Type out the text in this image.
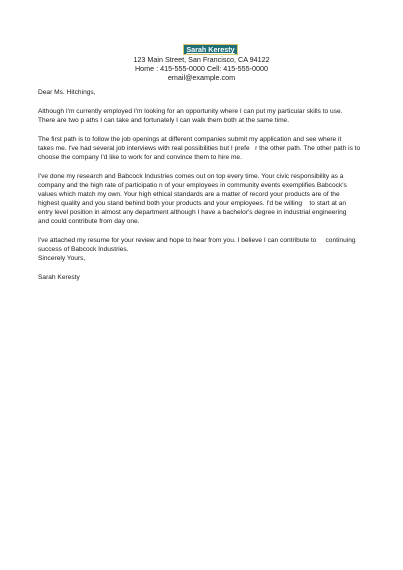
Sarah Keresty
123 Main Street, San Francisco, CA 94122
Home : 415-555-0000 Cell: 415-555-0000
email@example.com

Dear Ms. Hitchings,

Although I'm currently employed I'm looking for an opportunity where I can put my particular skills to use.

There are two p aths I can take and fortunately I can walk them both at the same time.

The first path is to follow the job openings at different companies submit my application and see where it

takes me. I've had several job interviews with real possibilities but I prefe   r the other path. The other path is to

choose the company I'd like to work for and convince them to hire me.

I've done my research and Babcock Industries comes out on top every time. Your civic responsibility as a

company and the high rate of participatio n of your employees in community events exemplifies Babcock's

values which match my own. Your high ethical standards are a matter of record your products are of the

highest quality and you stand behind both your products and your employees. I'd be willing    to start at an

entry level position in almost any department although I have a bachelor's degree in industrial engineering

and could contribute from day one.

I've attached my resume for your review and hope to hear from you. I believe I can contribute to     continuing

success of Babcock Industries.

Sincerely Yours,

Sarah Keresty
